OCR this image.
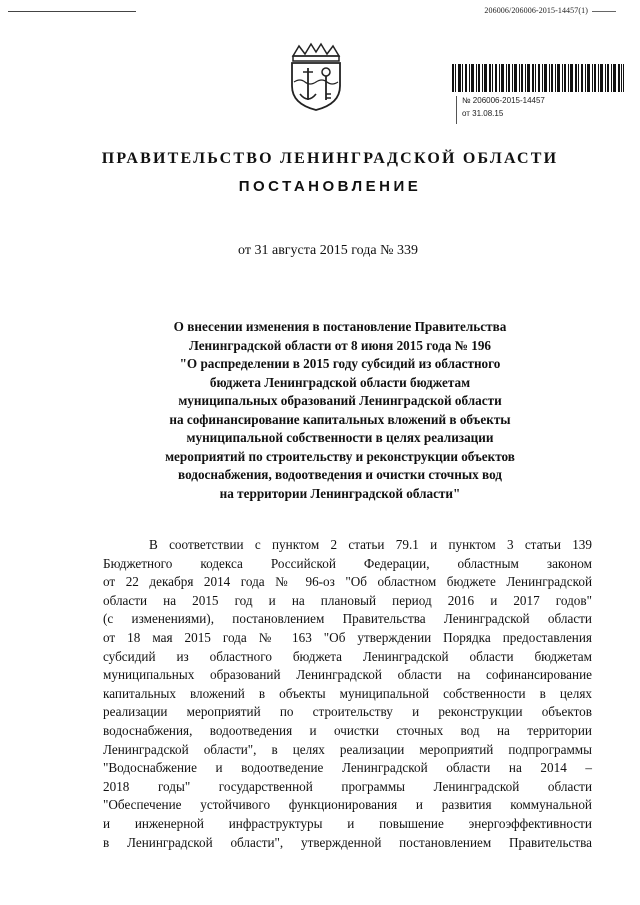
206006/206006-2015-14457(1)
№ 206006-2015-14457
от 31.08.15
ПРАВИТЕЛЬСТВО ЛЕНИНГРАДСКОЙ ОБЛАСТИ
ПОСТАНОВЛЕНИЕ
от 31 августа 2015 года № 339
О внесении изменения в постановление Правительства
Ленинградской области от 8 июня 2015 года № 196
"О распределении в 2015 году субсидий из областного
бюджета Ленинградской области бюджетам
муниципальных образований Ленинградской области
на софинансирование капитальных вложений в объекты
муниципальной собственности в целях реализации
мероприятий по строительству и реконструкции объектов
водоснабжения, водоотведения и очистки сточных вод
на территории Ленинградской области"
В соответствии с пунктом 2 статьи 79.1 и пунктом 3 статьи 139
Бюджетного кодекса Российской Федерации, областным законом
от 22 декабря 2014 года № 96-оз "Об областном бюджете Ленинградской
области на 2015 год и на плановый период 2016 и 2017 годов"
(с изменениями), постановлением Правительства Ленинградской области
от 18 мая 2015 года № 163 "Об утверждении Порядка предоставления
субсидий из областного бюджета Ленинградской области бюджетам
муниципальных образований Ленинградской области на софинансирование
капитальных вложений в объекты муниципальной собственности в целях
реализации мероприятий по строительству и реконструкции объектов
водоснабжения, водоотведения и очистки сточных вод на территории
Ленинградской области", в целях реализации мероприятий подпрограммы
"Водоснабжение и водоотведение Ленинградской области на 2014 –
2018 годы" государственной программы Ленинградской области
"Обеспечение устойчивого функционирования и развития коммунальной
и инженерной инфраструктуры и повышение энергоэффективности
в Ленинградской области", утвержденной постановлением Правительства
